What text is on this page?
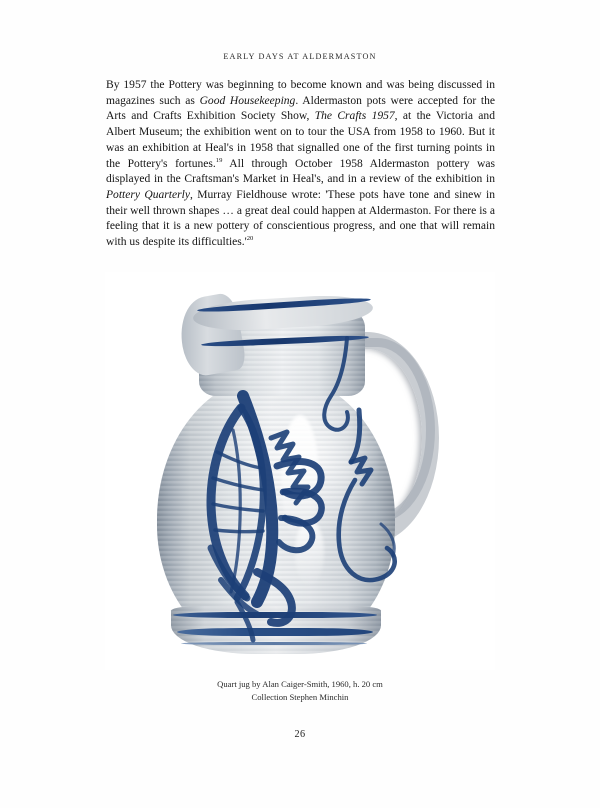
EARLY DAYS AT ALDERMASTON
By 1957 the Pottery was beginning to become known and was being discussed in magazines such as Good Housekeeping. Aldermaston pots were accepted for the Arts and Crafts Exhibition Society Show, The Crafts 1957, at the Victoria and Albert Museum; the exhibition went on to tour the USA from 1958 to 1960. But it was an exhibition at Heal's in 1958 that signalled one of the first turning points in the Pottery's fortunes.$^{19}$ All through October 1958 Aldermaston pottery was displayed in the Craftsman's Market in Heal's, and in a review of the exhibition in Pottery Quarterly, Murray Fieldhouse wrote: 'These pots have tone and sinew in their well thrown shapes … a great deal could happen at Aldermaston. For there is a feeling that it is a new pottery of conscientious progress, and one that will remain with us despite its $difficulties.'^{20}$
Quart jug by Alan Caiger-Smith, 1960, h. 20 cm
Collection Stephen Minchin
26
